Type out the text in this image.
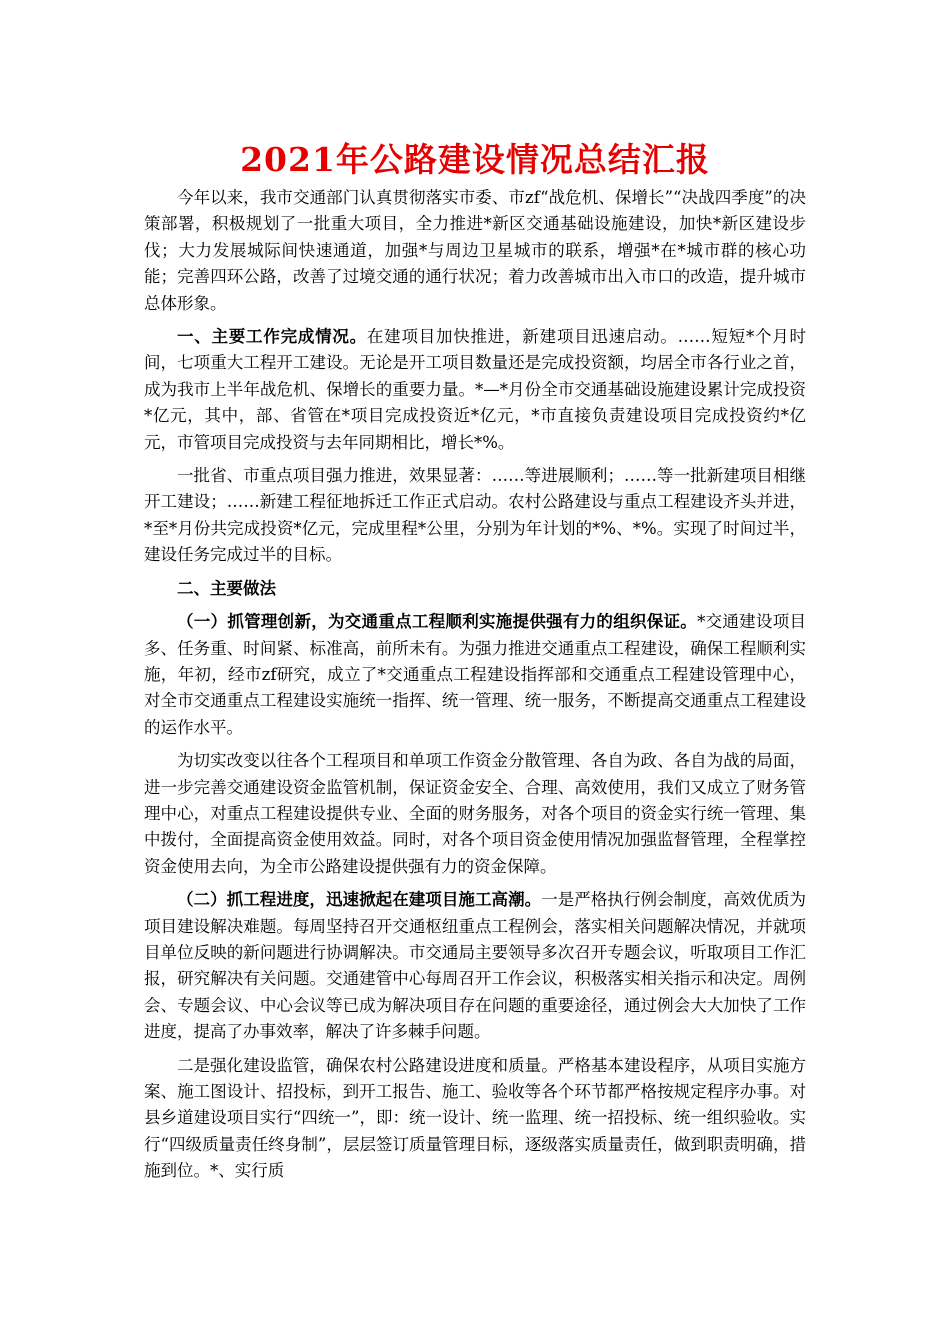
2021年公路建设情况总结汇报

今年以来，我市交通部门认真贯彻落实市委、市zf“战危机、保增长”“决战四季度”的决策部署，积极规划了一批重大项目，全力推进*新区交通基础设施建设，加快*新区建设步伐；大力发展城际间快速通道，加强*与周边卫星城市的联系，增强*在*城市群的核心功能；完善四环公路，改善了过境交通的通行状况；着力改善城市出入市口的改造，提升城市总体形象。

一、主要工作完成情况。在建项目加快推进，新建项目迅速启动。……短短*个月时间，七项重大工程开工建设。无论是开工项目数量还是完成投资额，均居全市各行业之首，成为我市上半年战危机、保增长的重要力量。*—*月份全市交通基础设施建设累计完成投资*亿元，其中，部、省管在*项目完成投资近*亿元，*市直接负责建设项目完成投资约*亿元，市管项目完成投资与去年同期相比，增长*%。

一批省、市重点项目强力推进，效果显著：……等进展顺利；……等一批新建项目相继开工建设；……新建工程征地拆迁工作正式启动。农村公路建设与重点工程建设齐头并进，*至*月份共完成投资*亿元，完成里程*公里，分别为年计划的*%、*%。实现了时间过半，建设任务完成过半的目标。

二、主要做法

（一）抓管理创新，为交通重点工程顺利实施提供强有力的组织保证。*交通建设项目多、任务重、时间紧、标准高，前所未有。为强力推进交通重点工程建设，确保工程顺利实施，年初，经市zf研究，成立了*交通重点工程建设指挥部和交通重点工程建设管理中心，对全市交通重点工程建设实施统一指挥、统一管理、统一服务，不断提高交通重点工程建设的运作水平。

为切实改变以往各个工程项目和单项工作资金分散管理、各自为政、各自为战的局面，进一步完善交通建设资金监管机制，保证资金安全、合理、高效使用，我们又成立了财务管理中心，对重点工程建设提供专业、全面的财务服务，对各个项目的资金实行统一管理、集中拨付，全面提高资金使用效益。同时，对各个项目资金使用情况加强监督管理，全程掌控资金使用去向，为全市公路建设提供强有力的资金保障。

（二）抓工程进度，迅速掀起在建项目施工高潮。一是严格执行例会制度，高效优质为项目建设解决难题。每周坚持召开交通枢纽重点工程例会，落实相关问题解决情况，并就项目单位反映的新问题进行协调解决。市交通局主要领导多次召开专题会议，听取项目工作汇报，研究解决有关问题。交通建管中心每周召开工作会议，积极落实相关指示和决定。周例会、专题会议、中心会议等已成为解决项目存在问题的重要途径，通过例会大大加快了工作进度，提高了办事效率，解决了许多棘手问题。

二是强化建设监管，确保农村公路建设进度和质量。严格基本建设程序，从项目实施方案、施工图设计、招投标，到开工报告、施工、验收等各个环节都严格按规定程序办事。对县乡道建设项目实行“四统一”，即：统一设计、统一监理、统一招投标、统一组织验收。实行“四级质量责任终身制”，层层签订质量管理目标，逐级落实质量责任，做到职责明确，措施到位。*、实行质
